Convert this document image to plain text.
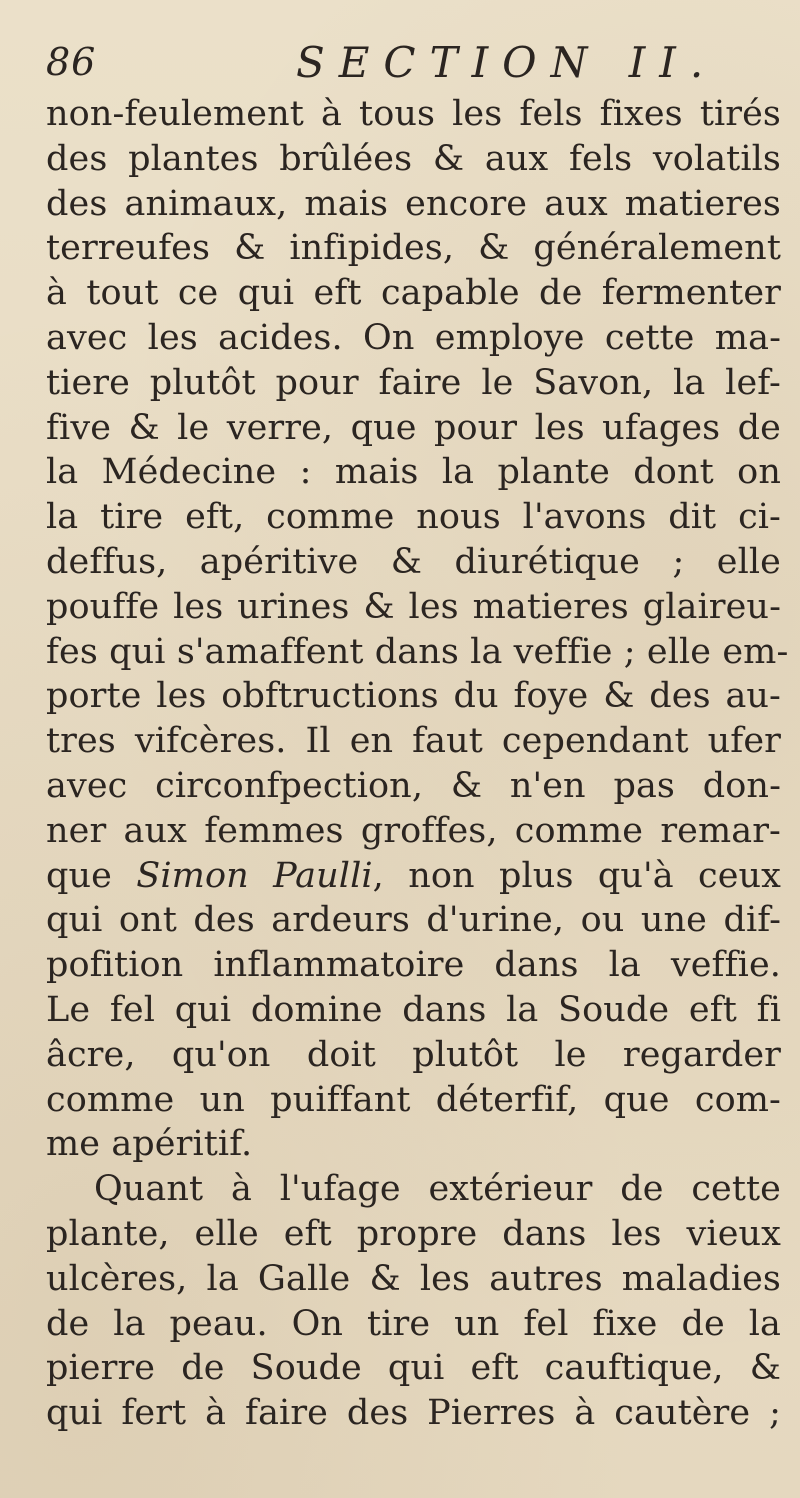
86	SECTION II.
non-feulement à tous les fels fixes tirés
des plantes brûlées & aux fels volatils
des animaux, mais encore aux matieres
terreufes & infipides, & généralement
à tout ce qui eft capable de fermenter
avec les acides. On employe cette ma-
tiere plutôt pour faire le Savon, la lef-
five & le verre, que pour les ufages de
la Médecine : mais la plante dont on
la tire eft, comme nous l'avons dit ci-
deffus, apéritive & diurétique ; elle
pouffe les urines & les matieres glaireu-
fes qui s'amaffent dans la veffie ; elle em-
porte les obftructions du foye & des au-
tres vifcères. Il en faut cependant ufer
avec circonfpection, & n'en pas don-
ner aux femmes groffes, comme remar-
que Simon Paulli, non plus qu'à ceux
qui ont des ardeurs d'urine, ou une dif-
pofition inflammatoire dans la veffie.
Le fel qui domine dans la Soude eft fi
âcre, qu'on doit plutôt le regarder
comme un puiffant déterfif, que com-
me apéritif.
Quant à l'ufage extérieur de cette
plante, elle eft propre dans les vieux
ulcères, la Galle & les autres maladies
de la peau. On tire un fel fixe de la
pierre de Soude qui eft cauftique, &
qui fert à faire des Pierres à cautère ;
